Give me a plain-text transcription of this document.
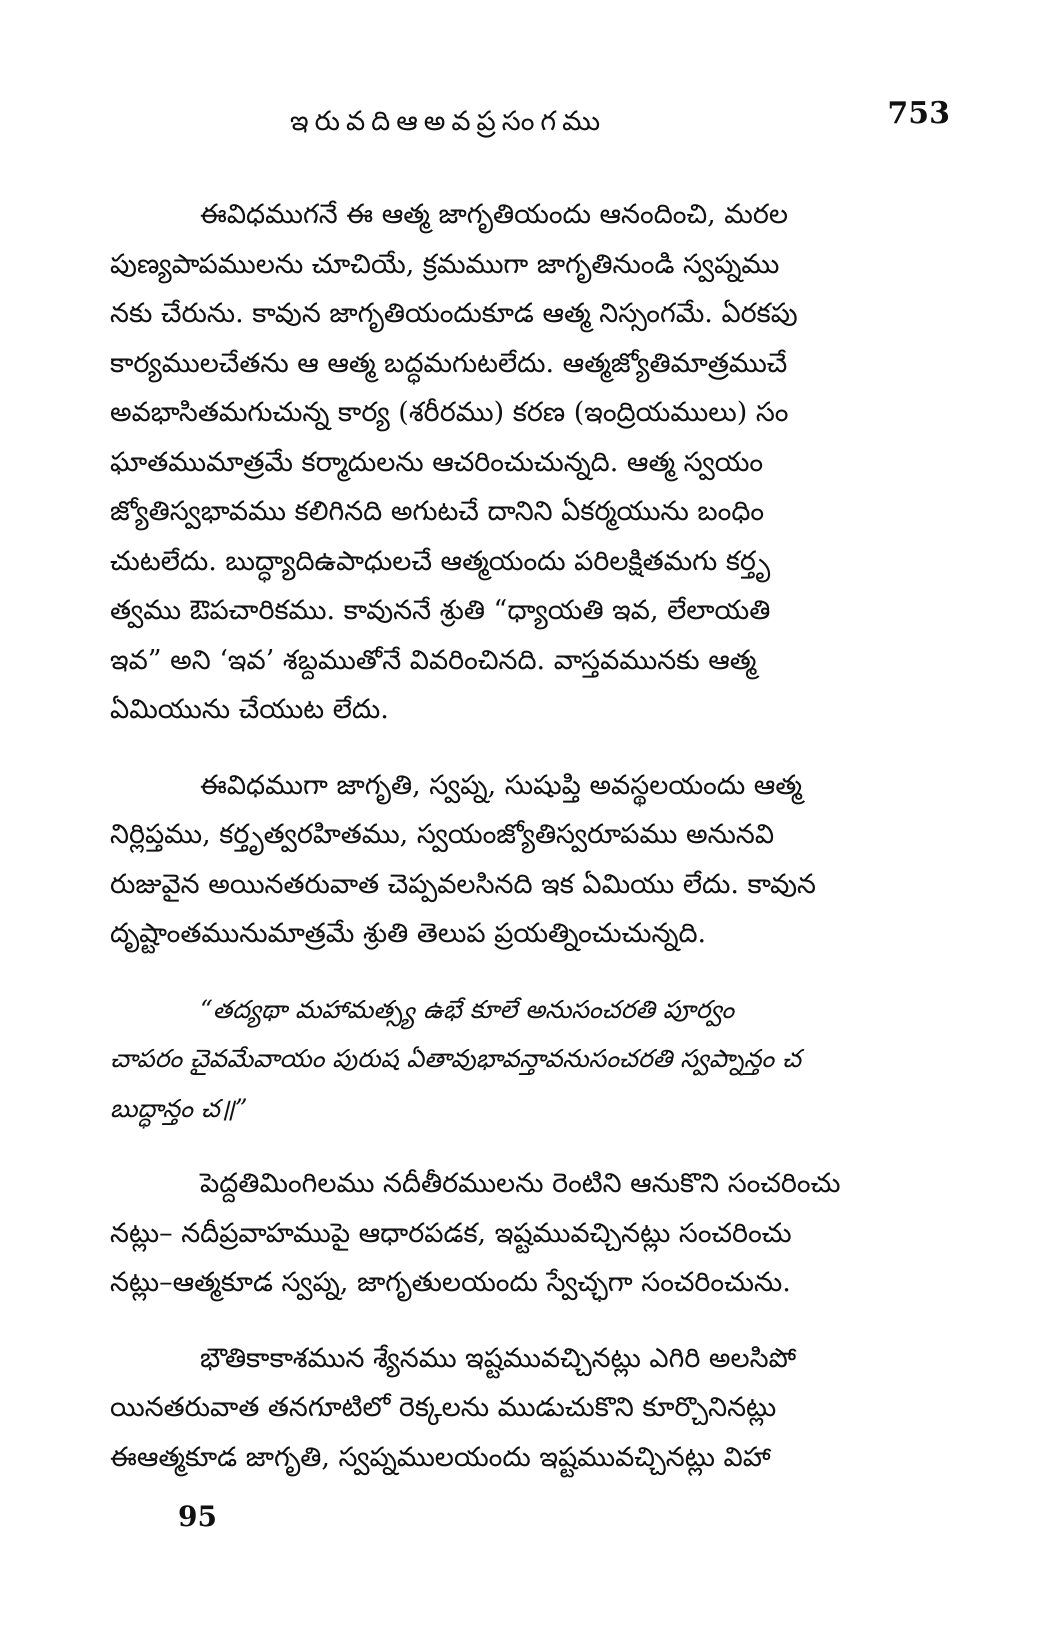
ఇరువదిఆఅవప్రసంగము	753
ఈవిధముగనే ఈ ఆత్మ జాగృతియందు ఆనందించి, మరల
పుణ్యపాపములను చూచియే, క్రమముగా జాగృతినుండి స్వప్నము
నకు చేరును. కావున జాగృతియందుకూడ ఆత్మ నిస్సంగమే. ఏరకపు
కార్యములచేతను ఆ ఆత్మ బద్ధమగుటలేదు. ఆత్మజ్యోతిమాత్రముచే
అవభాసితమగుచున్న కార్య (శరీరము) కరణ (ఇంద్రియములు) సం
ఘాతముమాత్రమే కర్మాదులను ఆచరించుచున్నది. ఆత్మ స్వయం
జ్యోతిస్వభావము కలిగినది అగుటచే దానిని ఏకర్మయును బంధిం
చుటలేదు. బుద్ధ్యాదిఉపాధులచే ఆత్మయందు పరిలక్షితమగు కర్తృ
త్వము ఔపచారికము. కావుననే శ్రుతి “ధ్యాయతి ఇవ, లేలాయతి
ఇవ” అని ‘ఇవ’ శబ్దముతోనే వివరించినది. వాస్తవమునకు ఆత్మ
ఏమియును చేయుట లేదు.
ఈవిధముగా జాగృతి, స్వప్న, సుషుప్తి అవస్థలయందు ఆత్మ
నిర్లిప్తము, కర్తృత్వరహితము, స్వయంజ్యోతిస్వరూపము అనునవి
రుజువైన అయినతరువాత చెప్పవలసినది ఇక ఏమియు లేదు. కావున
దృష్టాంతమునుమాత్రమే శ్రుతి తెలుప ప్రయత్నించుచున్నది.
“తద్యథా మహామత్స్య ఉభే కూలే అనుసంచరతి పూర్వం
చాపరం చైవమేవాయం పురుష ఏతావుభావన్తావనుసంచరతి స్వప్నాన్తం చ
బుద్ధాన్తం చ॥”
పెద్దతిమింగిలము నదీతీరములను రెంటిని ఆనుకొని సంచరించు
నట్లు– నదీప్రవాహముపై ఆధారపడక, ఇష్టమువచ్చినట్లు సంచరించు
నట్లు–ఆత్మకూడ స్వప్న, జాగృతులయందు స్వేచ్ఛగా సంచరించును.
భౌతికాకాశమున శ్యేనము ఇష్టమువచ్చినట్లు ఎగిరి అలసిపో
యినతరువాత తనగూటిలో రెక్కలను ముడుచుకొని కూర్చొనినట్లు
ఈఆత్మకూడ జాగృతి, స్వప్నములయందు ఇష్టమువచ్చినట్లు విహా
95
